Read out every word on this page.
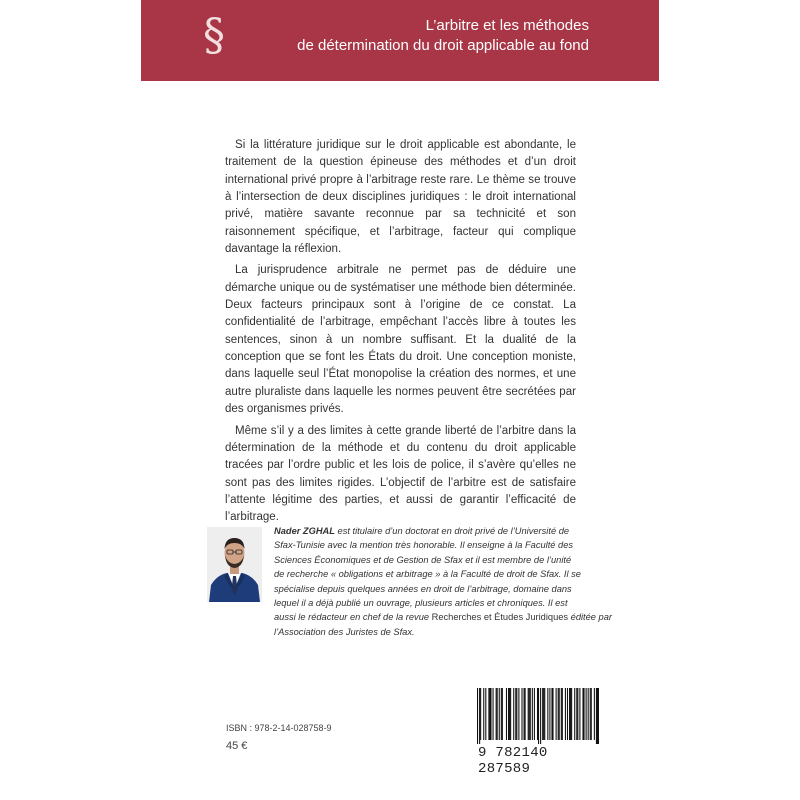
§	L’arbitre et les méthodes
de détermination du droit applicable au fond

Si la littérature juridique sur le droit applicable est abondante, le traitement de la question épineuse des méthodes et d’un droit international privé propre à l’arbitrage reste rare. Le thème se trouve à l’intersection de deux disciplines juridiques : le droit international privé, matière savante reconnue par sa technicité et son raisonnement spécifique, et l’arbitrage, facteur qui complique davantage la réflexion.

La jurisprudence arbitrale ne permet pas de déduire une démarche unique ou de systématiser une méthode bien déterminée. Deux facteurs principaux sont à l’origine de ce constat. La confidentialité de l’arbitrage, empêchant l’accès libre à toutes les sentences, sinon à un nombre suffisant. Et la dualité de la conception que se font les États du droit. Une conception moniste, dans laquelle seul l’État monopolise la création des normes, et une autre pluraliste dans laquelle les normes peuvent être secrétées par des organismes privés.

Même s’il y a des limites à cette grande liberté de l’arbitre dans la détermination de la méthode et du contenu du droit applicable tracées par l’ordre public et les lois de police, il s’avère qu’elles ne sont pas des limites rigides. L’objectif de l’arbitre est de satisfaire l’attente légitime des parties, et aussi de garantir l’efficacité de l’arbitrage.

Nader ZGHAL est titulaire d’un doctorat en droit privé de l’Université de
Sfax-Tunisie avec la mention très honorable. Il enseigne à la Faculté des
Sciences Économiques et de Gestion de Sfax et il est membre de l’unité
de recherche « obligations et arbitrage » à la Faculté de droit de Sfax. Il se
spécialise depuis quelques années en droit de l’arbitrage, domaine dans
lequel il a déjà publié un ouvrage, plusieurs articles et chroniques. Il est
aussi le rédacteur en chef de la revue Recherches et Études Juridiques éditée par
l’Association des Juristes de Sfax.
ISBN : 978-2-14-028758-9
45 €	9 782140 287589
